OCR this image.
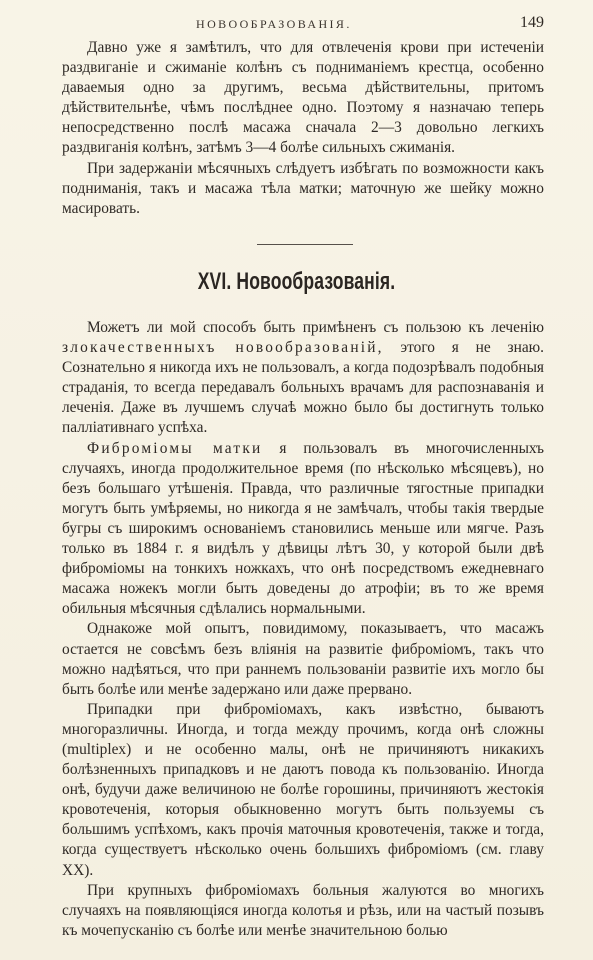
НОВООБРАЗОВАНІЯ.	149

Давно уже я замѣтилъ, что для отвлеченія крови при истеченіи раздвиганіе и сжиманіе колѣнъ съ подниманіемъ крестца, особенно даваемыя одно за другимъ, весьма дѣйствительны, притомъ дѣйствительнѣе, чѣмъ послѣднее одно. Поэтому я назначаю теперь непосредственно послѣ масажа сначала 2—3 довольно легкихъ раздвиганія колѣнъ, затѣмъ 3—4 болѣе сильныхъ сжиманія.

При задержаніи мѣсячныхъ слѣдуетъ избѣгать по возможности какъ подниманія, такъ и масажа тѣла матки; маточную же шейку можно масировать.

XVI. Новообразованія.

Можетъ ли мой способъ быть примѣненъ съ пользою къ леченію злокачественныхъ новообразованій, этого я не знаю. Сознательно я никогда ихъ не пользовалъ, а когда подозрѣвалъ подобныя страданія, то всегда передавалъ больныхъ врачамъ для распознаванія и леченія. Даже въ лучшемъ случаѣ можно было бы достигнуть только палліативнаго успѣха.

Фиброміомы матки я пользовалъ въ многочисленныхъ случаяхъ, иногда продолжительное время (по нѣсколько мѣсяцевъ), но безъ большаго утѣшенія. Правда, что различные тягостные припадки могутъ быть умѣряемы, но никогда я не замѣчалъ, чтобы такія твердые бугры съ широкимъ основаніемъ становились меньше или мягче. Разъ только въ 1884 г. я видѣлъ у дѣвицы лѣтъ 30, у которой были двѣ фиброміомы на тонкихъ ножкахъ, что онѣ посредствомъ ежедневнаго масажа ножекъ могли быть доведены до атрофіи; въ то же время обильныя мѣсячныя сдѣлались нормальными.

Однакоже мой опытъ, повидимому, показываетъ, что масажъ остается не совсѣмъ безъ вліянія на развитіе фиброміомъ, такъ что можно надѣяться, что при раннемъ пользованіи развитіе ихъ могло бы быть болѣе или менѣе задержано или даже прервано.

Припадки при фиброміомахъ, какъ извѣстно, бываютъ многоразличны. Иногда, и тогда между прочимъ, когда онѣ сложны (multiplex) и не особенно малы, онѣ не причиняютъ никакихъ болѣзненныхъ припадковъ и не даютъ повода къ пользованію. Иногда онѣ, будучи даже величиною не болѣе горошины, причиняютъ жестокія кровотеченія, которыя обыкновенно могутъ быть пользуемы съ большимъ успѣхомъ, какъ прочія маточныя кровотеченія, также и тогда, когда существуетъ нѣсколько очень большихъ фиброміомъ (см. главу XX).

При крупныхъ фиброміомахъ больныя жалуются во многихъ случаяхъ на появляющіяся иногда колотья и рѣзь, или на частый позывъ къ мочепусканію съ болѣе или менѣе значительною болью
